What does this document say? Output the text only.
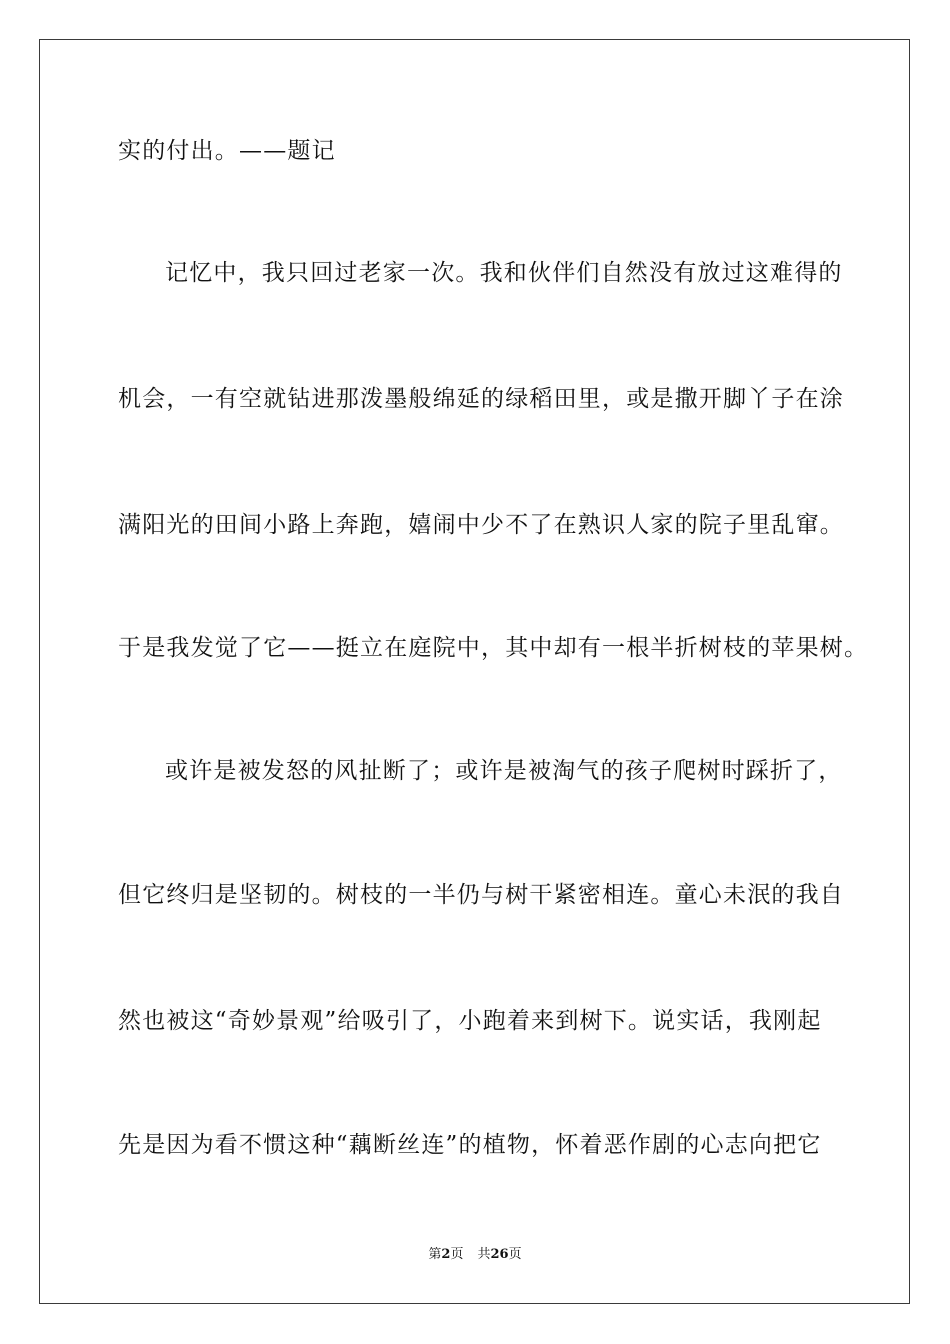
实的付出。——题记
记忆中，我只回过老家一次。我和伙伴们自然没有放过这难得的
机会，一有空就钻进那泼墨般绵延的绿稻田里，或是撒开脚丫子在涂
满阳光的田间小路上奔跑，嬉闹中少不了在熟识人家的院子里乱窜。
于是我发觉了它——挺立在庭院中，其中却有一根半折树枝的苹果树。
或许是被发怒的风扯断了；或许是被淘气的孩子爬树时踩折了，
但它终归是坚韧的。树枝的一半仍与树干紧密相连。童心未泯的我自
然也被这“奇妙景观”给吸引了，小跑着来到树下。说实话，我刚起
先是因为看不惯这种“藕断丝连”的植物，怀着恶作剧的心志向把它
第2页 共26页
